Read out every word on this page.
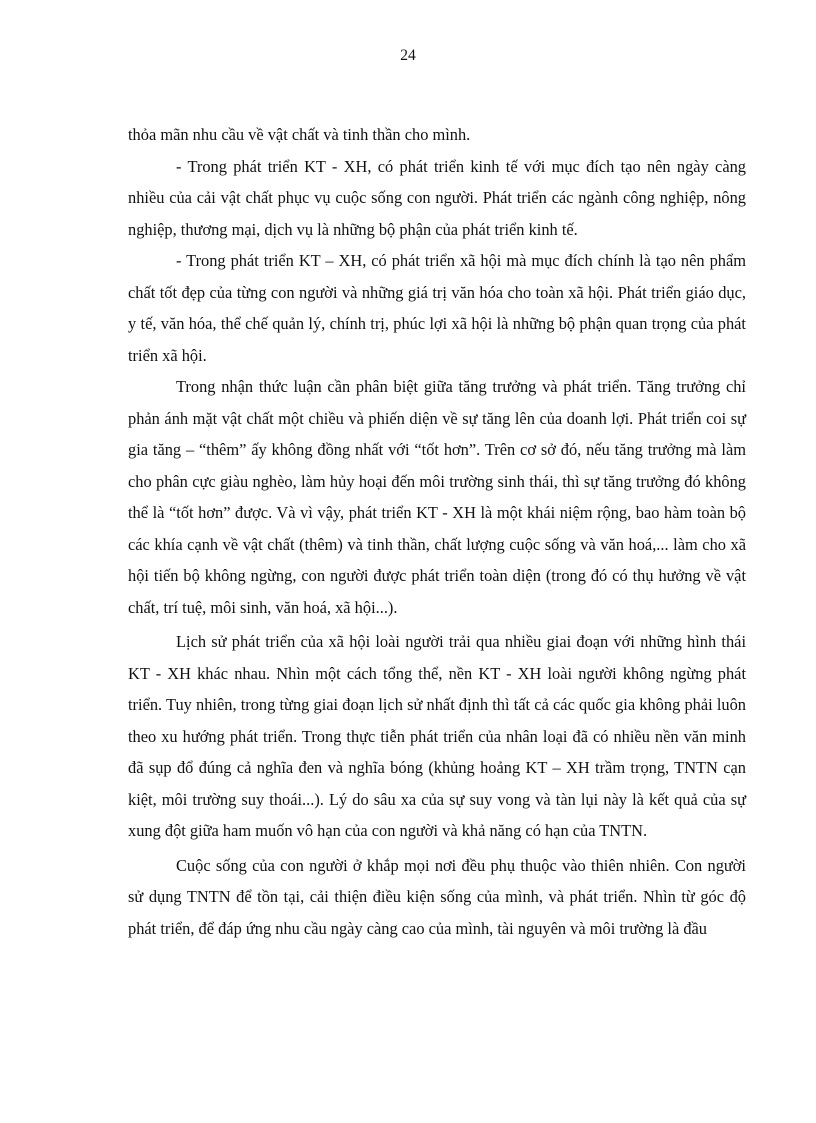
24

thỏa mãn nhu cầu về vật chất và tinh thần cho mình.

- Trong phát triển KT - XH, có phát triển kinh tế với mục đích tạo nên ngày càng nhiều của cải vật chất phục vụ cuộc sống con người. Phát triển các ngành công nghiệp, nông nghiệp, thương mại, dịch vụ là những bộ phận của phát triển kinh tế.

- Trong phát triển KT – XH, có phát triển xã hội mà mục đích chính là tạo nên phẩm chất tốt đẹp của từng con người và những giá trị văn hóa cho toàn xã hội. Phát triển giáo dục, y tế, văn hóa, thể chế quản lý, chính trị, phúc lợi xã hội là những bộ phận quan trọng của phát triển xã hội.

Trong nhận thức luận cần phân biệt giữa tăng trưởng và phát triển. Tăng trưởng chỉ phản ánh mặt vật chất một chiều và phiến diện về sự tăng lên của doanh lợi. Phát triển coi sự gia tăng – “thêm” ấy không đồng nhất với “tốt hơn”. Trên cơ sở đó, nếu tăng trưởng mà làm cho phân cực giàu nghèo, làm hủy hoại đến môi trường sinh thái, thì sự tăng trưởng đó không thể là “tốt hơn” được. Và vì vậy, phát triển KT - XH là một khái niệm rộng, bao hàm toàn bộ các khía cạnh về vật chất (thêm) và tinh thần, chất lượng cuộc sống và văn hoá,... làm cho xã hội tiến bộ không ngừng, con người được phát triển toàn diện (trong đó có thụ hưởng về vật chất, trí tuệ, môi sinh, văn hoá, xã hội...).

Lịch sử phát triển của xã hội loài người trải qua nhiều giai đoạn với những hình thái KT - XH khác nhau. Nhìn một cách tổng thể, nền KT - XH loài người không ngừng phát triển. Tuy nhiên, trong từng giai đoạn lịch sử nhất định thì tất cả các quốc gia không phải luôn theo xu hướng phát triển. Trong thực tiễn phát triển của nhân loại đã có nhiều nền văn minh đã sụp đổ đúng cả nghĩa đen và nghĩa bóng (khủng hoảng KT – XH trầm trọng, TNTN cạn kiệt, môi trường suy thoái...). Lý do sâu xa của sự suy vong và tàn lụi này là kết quả của sự xung đột giữa ham muốn vô hạn của con người và khả năng có hạn của TNTN.

Cuộc sống của con người ở khắp mọi nơi đều phụ thuộc vào thiên nhiên. Con người sử dụng TNTN để tồn tại, cải thiện điều kiện sống của mình, và phát triển. Nhìn từ góc độ phát triển, để đáp ứng nhu cầu ngày càng cao của mình, tài nguyên và môi trường là đầu
